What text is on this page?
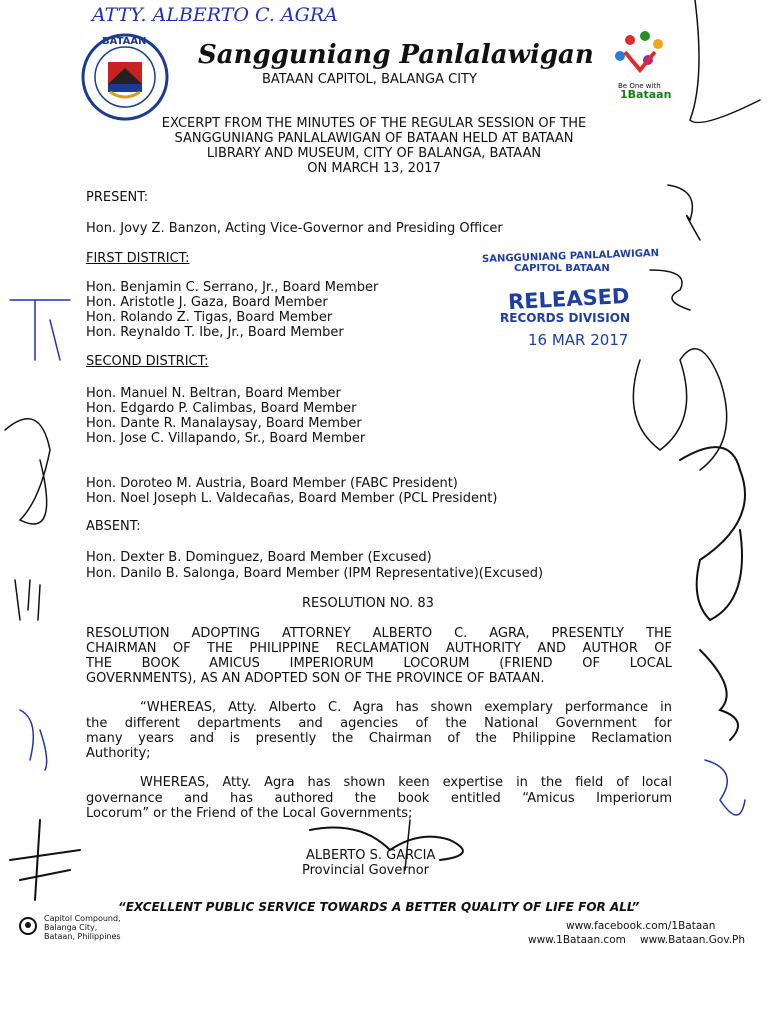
ATTY. ALBERTO C. AGRA
BATAAN Sangguniang Panlalawigan
BATAAN CAPITOL, BALANGA CITY	Be One with
1Bataan
EXCERPT FROM THE MINUTES OF THE REGULAR SESSION OF THE
SANGGUNIANG PANLALAWIGAN OF BATAAN HELD AT BATAAN
LIBRARY AND MUSEUM, CITY OF BALANGA, BATAAN
ON MARCH 13, 2017
PRESENT:
Hon. Jovy Z. Banzon, Acting Vice-Governor and Presiding Officer
FIRST DISTRICT:
Hon. Benjamin C. Serrano, Jr., Board Member
Hon. Aristotle J. Gaza, Board Member
Hon. Rolando Z. Tigas, Board Member
Hon. Reynaldo T. Ibe, Jr., Board Member
SECOND DISTRICT:
Hon. Manuel N. Beltran, Board Member
Hon. Edgardo P. Calimbas, Board Member
Hon. Dante R. Manalaysay, Board Member
Hon. Jose C. Villapando, Sr., Board Member
Hon. Doroteo M. Austria, Board Member (FABC President)
Hon. Noel Joseph L. Valdecañas, Board Member (PCL President)
ABSENT:
Hon. Dexter B. Dominguez, Board Member (Excused)
Hon. Danilo B. Salonga, Board Member (IPM Representative)(Excused)
RESOLUTION NO. 83
RESOLUTION ADOPTING ATTORNEY ALBERTO C. AGRA, PRESENTLY THE
CHAIRMAN OF THE PHILIPPINE RECLAMATION AUTHORITY AND AUTHOR OF
THE BOOK AMICUS IMPERIORUM LOCORUM (FRIEND OF LOCAL
GOVERNMENTS), AS AN ADOPTED SON OF THE PROVINCE OF BATAAN.
“WHEREAS, Atty. Alberto C. Agra has shown exemplary performance in
the different departments and agencies of the National Government for
many years and is presently the Chairman of the Philippine Reclamation
Authority;
WHEREAS, Atty. Agra has shown keen expertise in the field of local
governance and has authored the book entitled “Amicus Imperiorum
Locorum” or the Friend of the Local Governments;
ALBERTO S. GARCIA
Provincial Governor
“EXCELLENT PUBLIC SERVICE TOWARDS A BETTER QUALITY OF LIFE FOR ALL”
Capitol Compound,
Balanga City,
Bataan, Philippines
www.facebook.com/1Bataan
www.1Bataan.com www.Bataan.Gov.Ph
SANGGUNIANG PANLALAWIGAN
CAPITOL BATAAN
RELEASED
RECORDS DIVISION
16 MAR 2017
